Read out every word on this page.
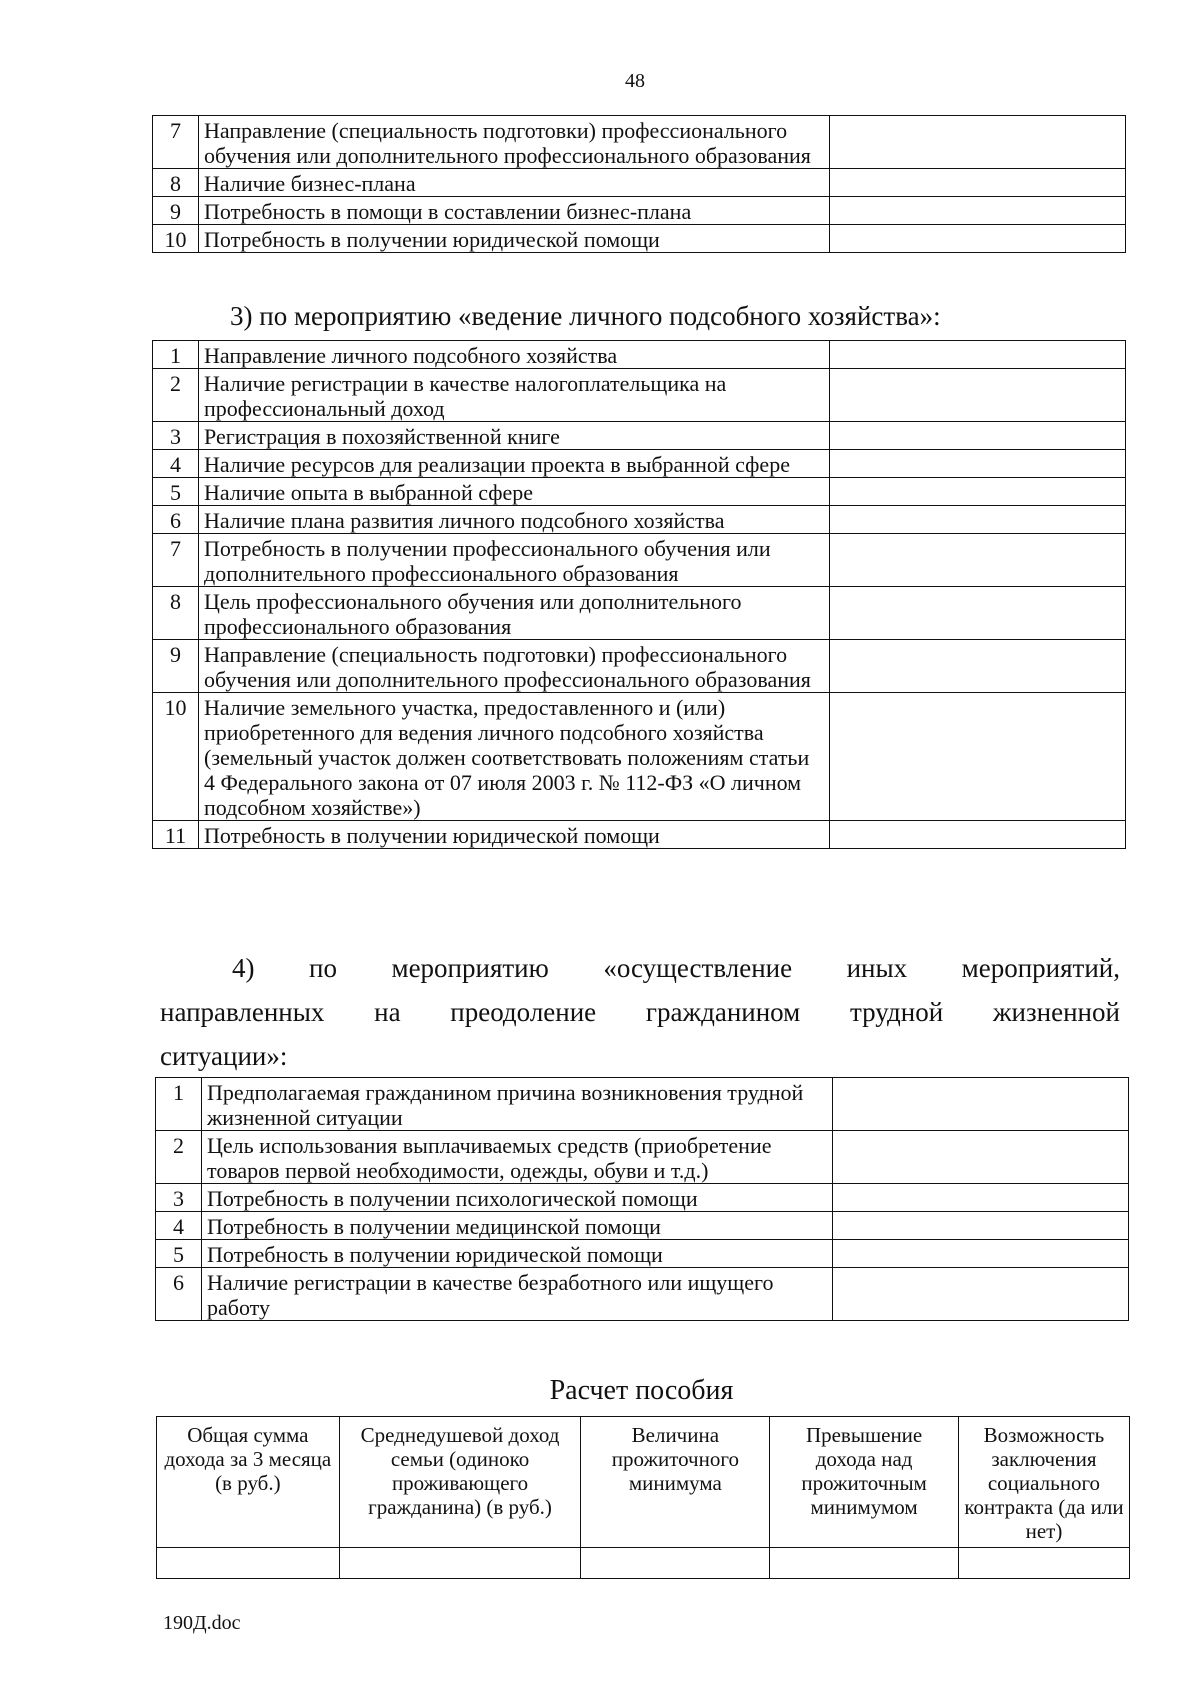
48
7	Направление (специальность подготовки) профессионального обучения или дополнительного профессионального образования	
8	Наличие бизнес-плана	
9	Потребность в помощи в составлении бизнес-плана	
10	Потребность в получении юридической помощи	
3) по мероприятию «ведение личного подсобного хозяйства»:
1	Направление личного подсобного хозяйства	
2	Наличие регистрации в качестве налогоплательщика на профессиональный доход	
3	Регистрация в похозяйственной книге	
4	Наличие ресурсов для реализации проекта в выбранной сфере	
5	Наличие опыта в выбранной сфере	
6	Наличие плана развития личного подсобного хозяйства	
7	Потребность в получении профессионального обучения или дополнительного профессионального образования	
8	Цель профессионального обучения или дополнительного профессионального образования	
9	Направление (специальность подготовки) профессионального обучения или дополнительного профессионального образования	
10	Наличие земельного участка, предоставленного и (или) приобретенного для ведения личного подсобного хозяйства (земельный участок должен соответствовать положениям статьи 4 Федерального закона от 07 июля 2003 г. № 112-ФЗ «О личном подсобном хозяйстве»)	
11	Потребность в получении юридической помощи	
4) по мероприятию «осуществление иных мероприятий,
направленных на преодоление гражданином трудной жизненной
ситуации»:
1	Предполагаемая гражданином причина возникновения трудной жизненной ситуации	
2	Цель использования выплачиваемых средств (приобретение товаров первой необходимости, одежды, обуви и т.д.)	
3	Потребность в получении психологической помощи	
4	Потребность в получении медицинской помощи	
5	Потребность в получении юридической помощи	
6	Наличие регистрации в качестве безработного или ищущего работу	
Расчет пособия
Общая сумма дохода за 3 месяца (в руб.)	Среднедушевой доход семьи (одиноко проживающего гражданина) (в руб.)	Величина прожиточного минимума	Превышение дохода над прожиточным минимумом	Возможность заключения социального контракта (да или нет)

190Д.doc
